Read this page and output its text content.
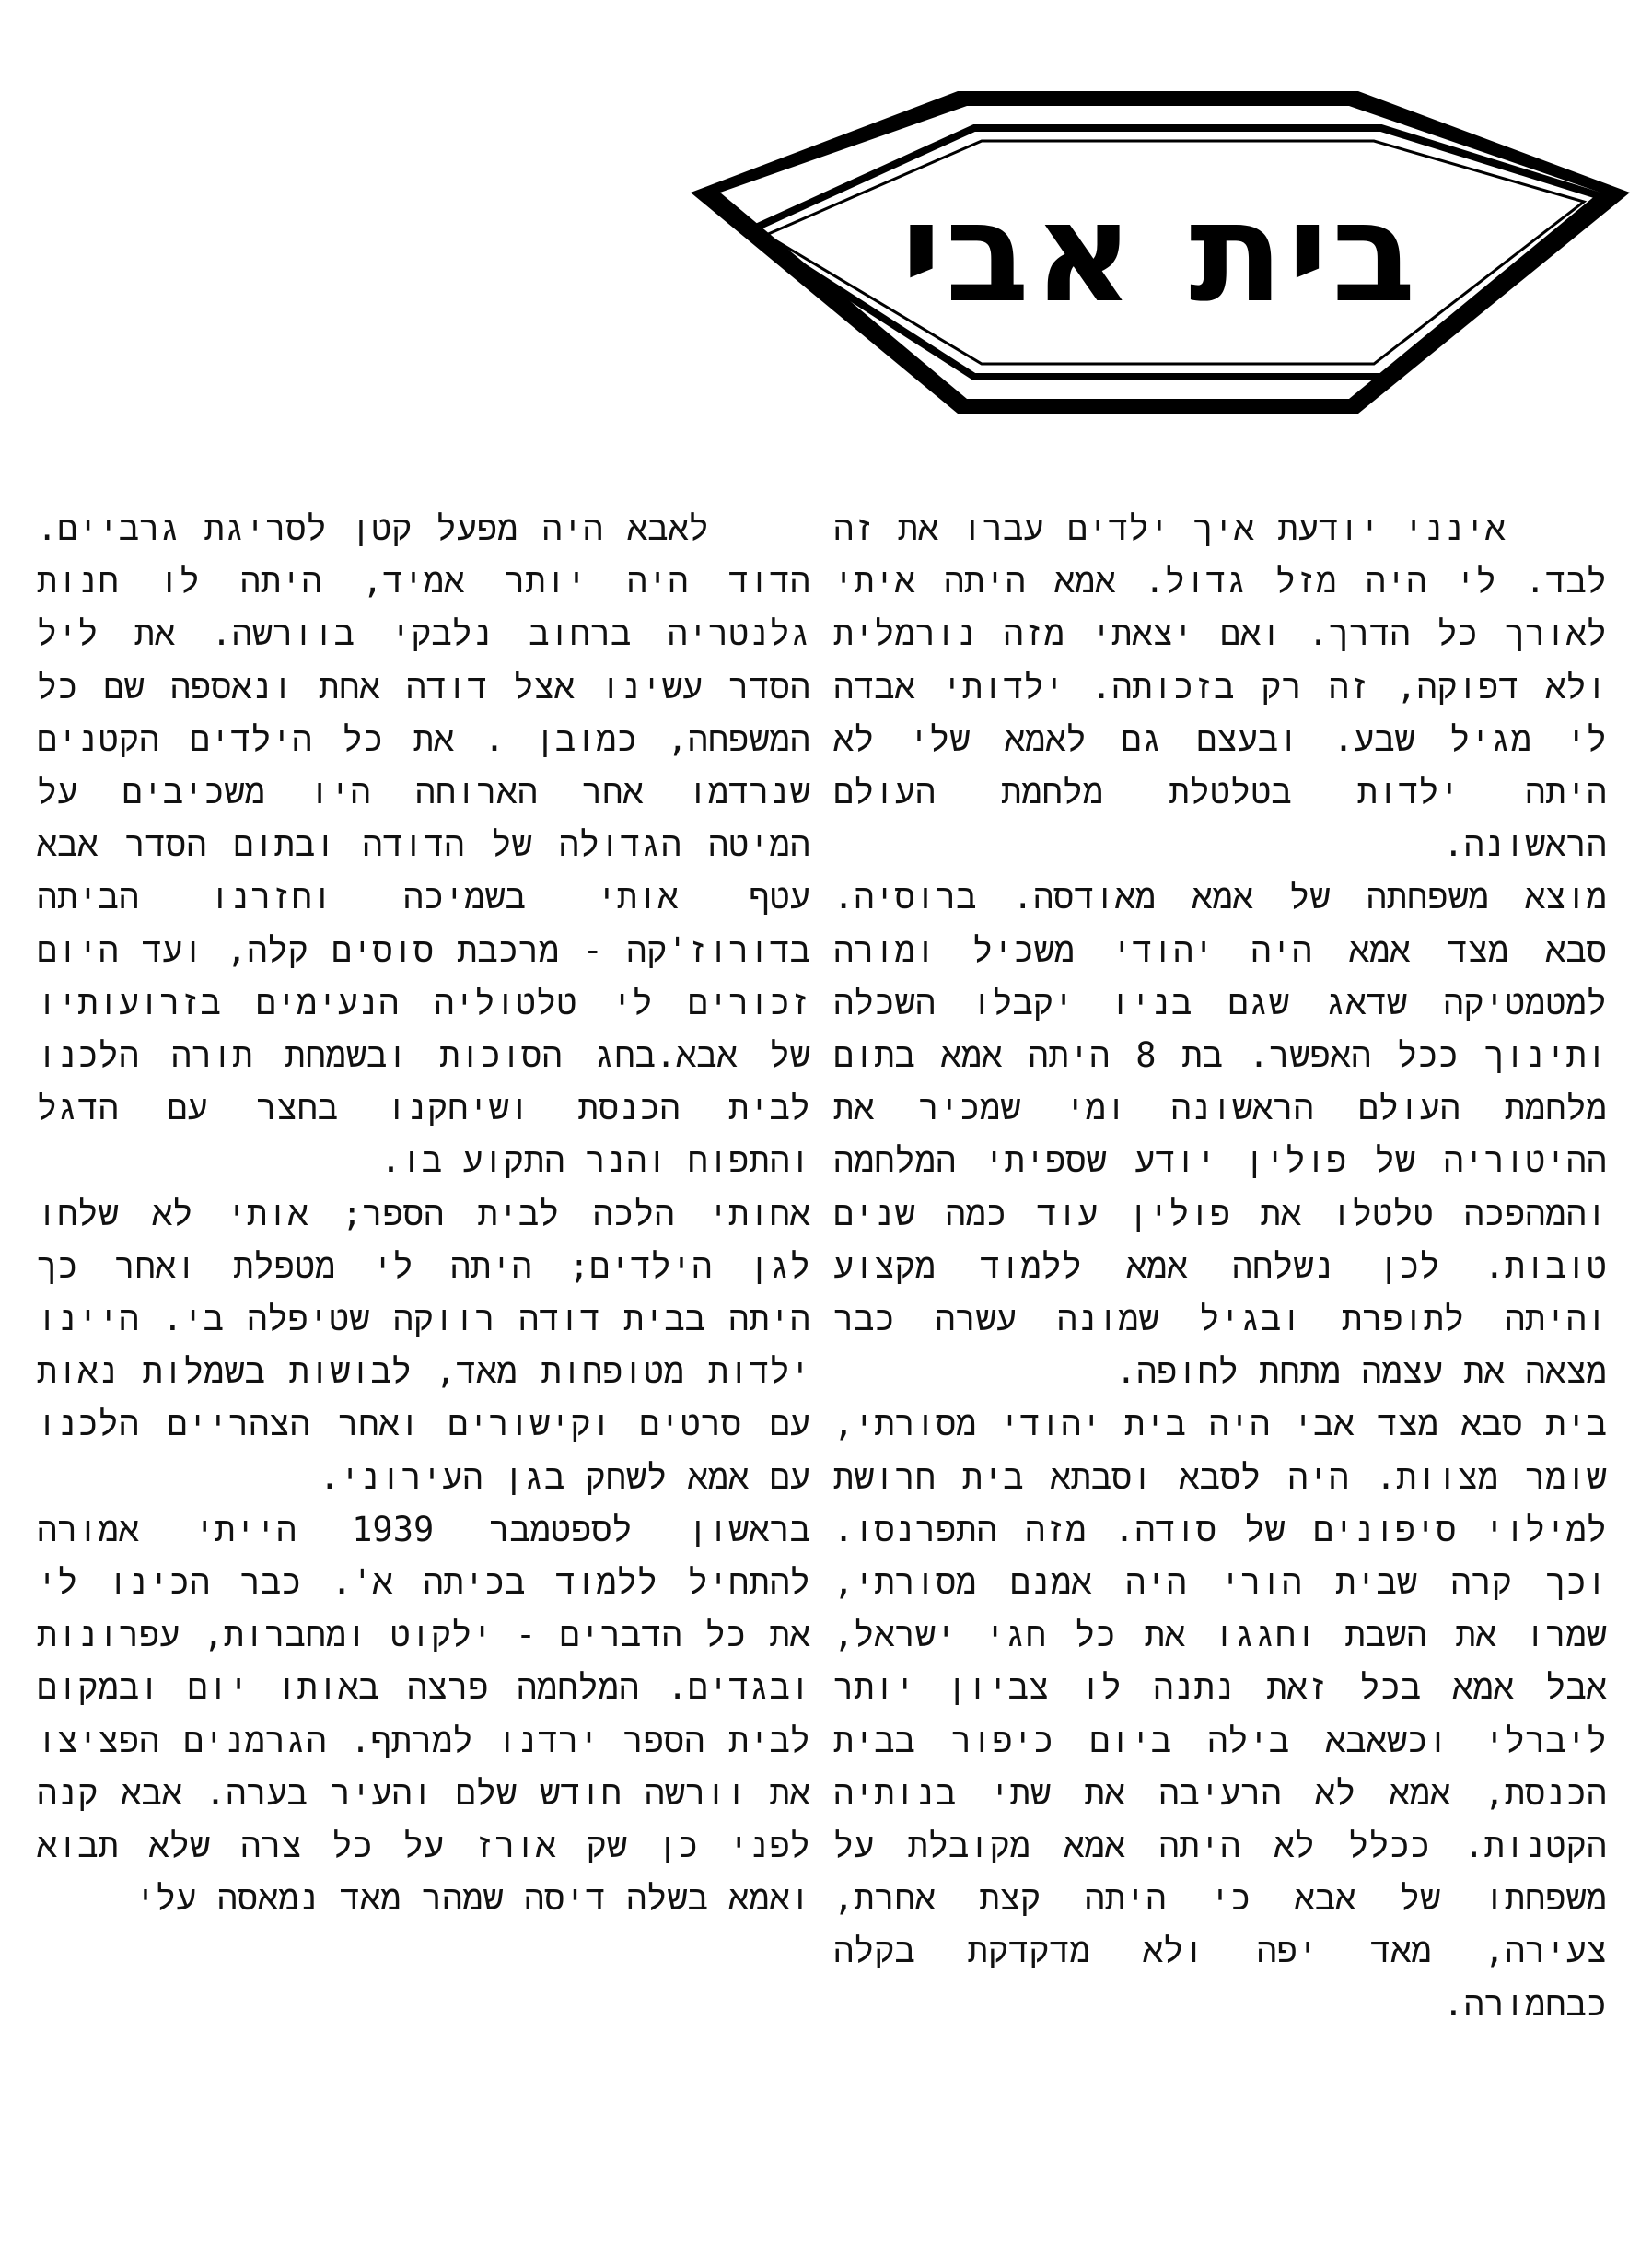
בית אבי

אינני יודעת איך ילדים עברו את זה לבד. לי היה מזל גדול. אמא היתה איתי לאורך כל הדרך. ואם יצאתי מזה נורמלית ולא דפוקה, זה רק בזכותה. ילדותי אבדה לי מגיל שבע. ובעצם גם לאמא שלי לא היתה ילדות בטלטלת מלחמת העולם הראשונה.

מוצא משפחתה של אמא מאודסה. ברוסיה. סבא מצד אמא היה יהודי משכיל ומורה למטמטיקה שדאג שגם בניו יקבלו השכלה ותינוך ככל האפשר. בת 8 היתה אמא בתום מלחמת העולם הראשונה ומי שמכיר את ההיטוריה של פולין יודע שספיתי המלחמה והמהפכה טלטלו את פולין עוד כמה שנים טובות. לכן נשלחה אמא ללמוד מקצוע והיתה לתופרת ובגיל שמונה עשרה כבר מצאה את עצמה מתחת לחופה.

בית סבא מצד אבי היה בית יהודי מסורתי, שומר מצוות. היה לסבא וסבתא בית חרושת למילוי סיפונים של סודה. מזה התפרנסו. וכך קרה שבית הורי היה אמנם מסורתי, שמרו את השבת וחגגו את כל חגי ישראל, אבל אמא בכל זאת נתנה לו צביון יותר ליברלי וכשאבא בילה ביום כיפור בבית הכנסת, אמא לא הרעיבה את שתי בנותיה הקטנות. ככלל לא היתה אמא מקובלת על משפחתו של אבא כי היתה קצת אחרת, צעירה, מאד יפה ולא מדקדקת בקלה כבחמורה.

לאבא היה מפעל קטן לסריגת גרביים. הדוד היה יותר אמיד, היתה לו חנות גלנטריה ברחוב נלבקי בוורשה. את ליל הסדר עשינו אצל דודה אחת ונאספה שם כל המשפחה, כמובן . את כל הילדים הקטנים שנרדמו אחר הארוחה היו משכיבים על המיטה הגדולה של הדודה ובתום הסדר אבא עטף אותי בשמיכה וחזרנו הביתה בדורוז'קה - מרכבת סוסים קלה, ועד היום זכורים לי טלטוליה הנעימים בזרועותיו של אבא.בחג הסוכות ובשמחת תורה הלכנו לבית הכנסת ושיחקנו בחצר עם הדגל והתפוח והנר התקוע בו.

אחותי הלכה לבית הספר; אותי לא שלחו לגן הילדים; היתה לי מטפלת ואחר כך היתה בבית דודה רווקה שטיפלה בי. היינו ילדות מטופחות מאד, לבושות בשמלות נאות עם סרטים וקישורים ואחר הצהריים הלכנו עם אמא לשחק בגן העירוני.

בראשון לספטמבר 1939 הייתי אמורה להתחיל ללמוד בכיתה א'. כבר הכינו לי את כל הדברים - ילקוט ומחברות, עפרונות ובגדים. המלחמה פרצה באותו יום ובמקום לבית הספר ירדנו למרתף. הגרמנים הפציצו את וורשה חודש שלם והעיר בערה. אבא קנה לפני כן שק אורז על כל צרה שלא תבוא ואמא בשלה דיסה שמהר מאד נמאסה עלי
